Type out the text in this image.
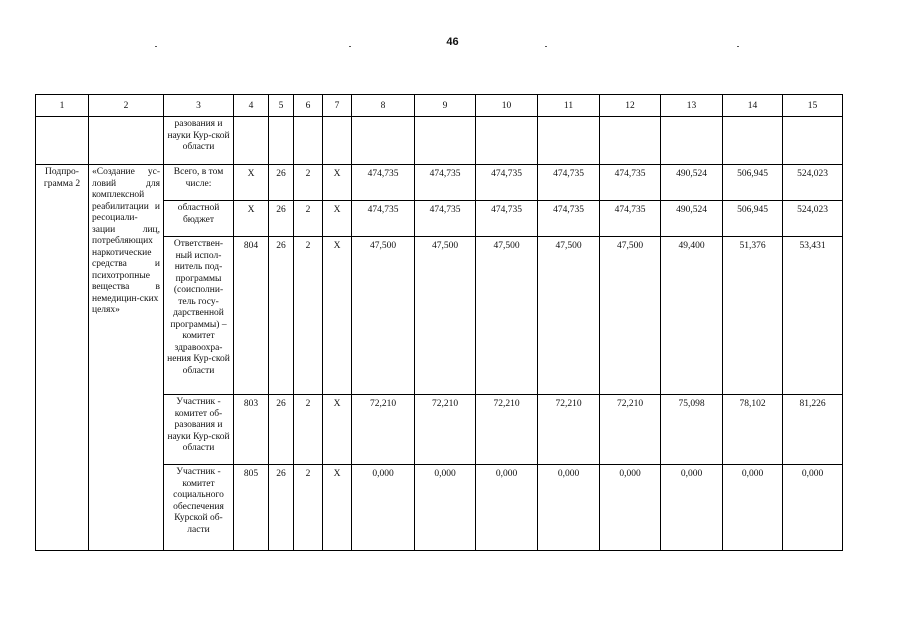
46
1	2	3	4	5	6	7	8	9	10	11	12	13	14	15
		разования и науки Кур-ской области												
Подпро-грамма 2	«Создание ус-ловий для комплексной реабилитации и ресоциали-зации лиц, потребляющих наркотические средства и психотропные вещества в немедицин-ских целях»	Всего, в том числе:	Х	26	2	Х	474,735	474,735	474,735	474,735	474,735	490,524	506,945	524,023
		областной бюджет	Х	26	2	Х	474,735	474,735	474,735	474,735	474,735	490,524	506,945	524,023
		Ответствен-ный испол-нитель под-программы (соисполни-тель госу-дарственной программы) – комитет здравоохра-нения Кур-ской области	804	26	2	Х	47,500	47,500	47,500	47,500	47,500	49,400	51,376	53,431
		Участник - комитет об-разования и науки Кур-ской области	803	26	2	Х	72,210	72,210	72,210	72,210	72,210	75,098	78,102	81,226
		Участник - комитет социального обеспечения Курской об-ласти	805	26	2	Х	0,000	0,000	0,000	0,000	0,000	0,000	0,000	0,000
